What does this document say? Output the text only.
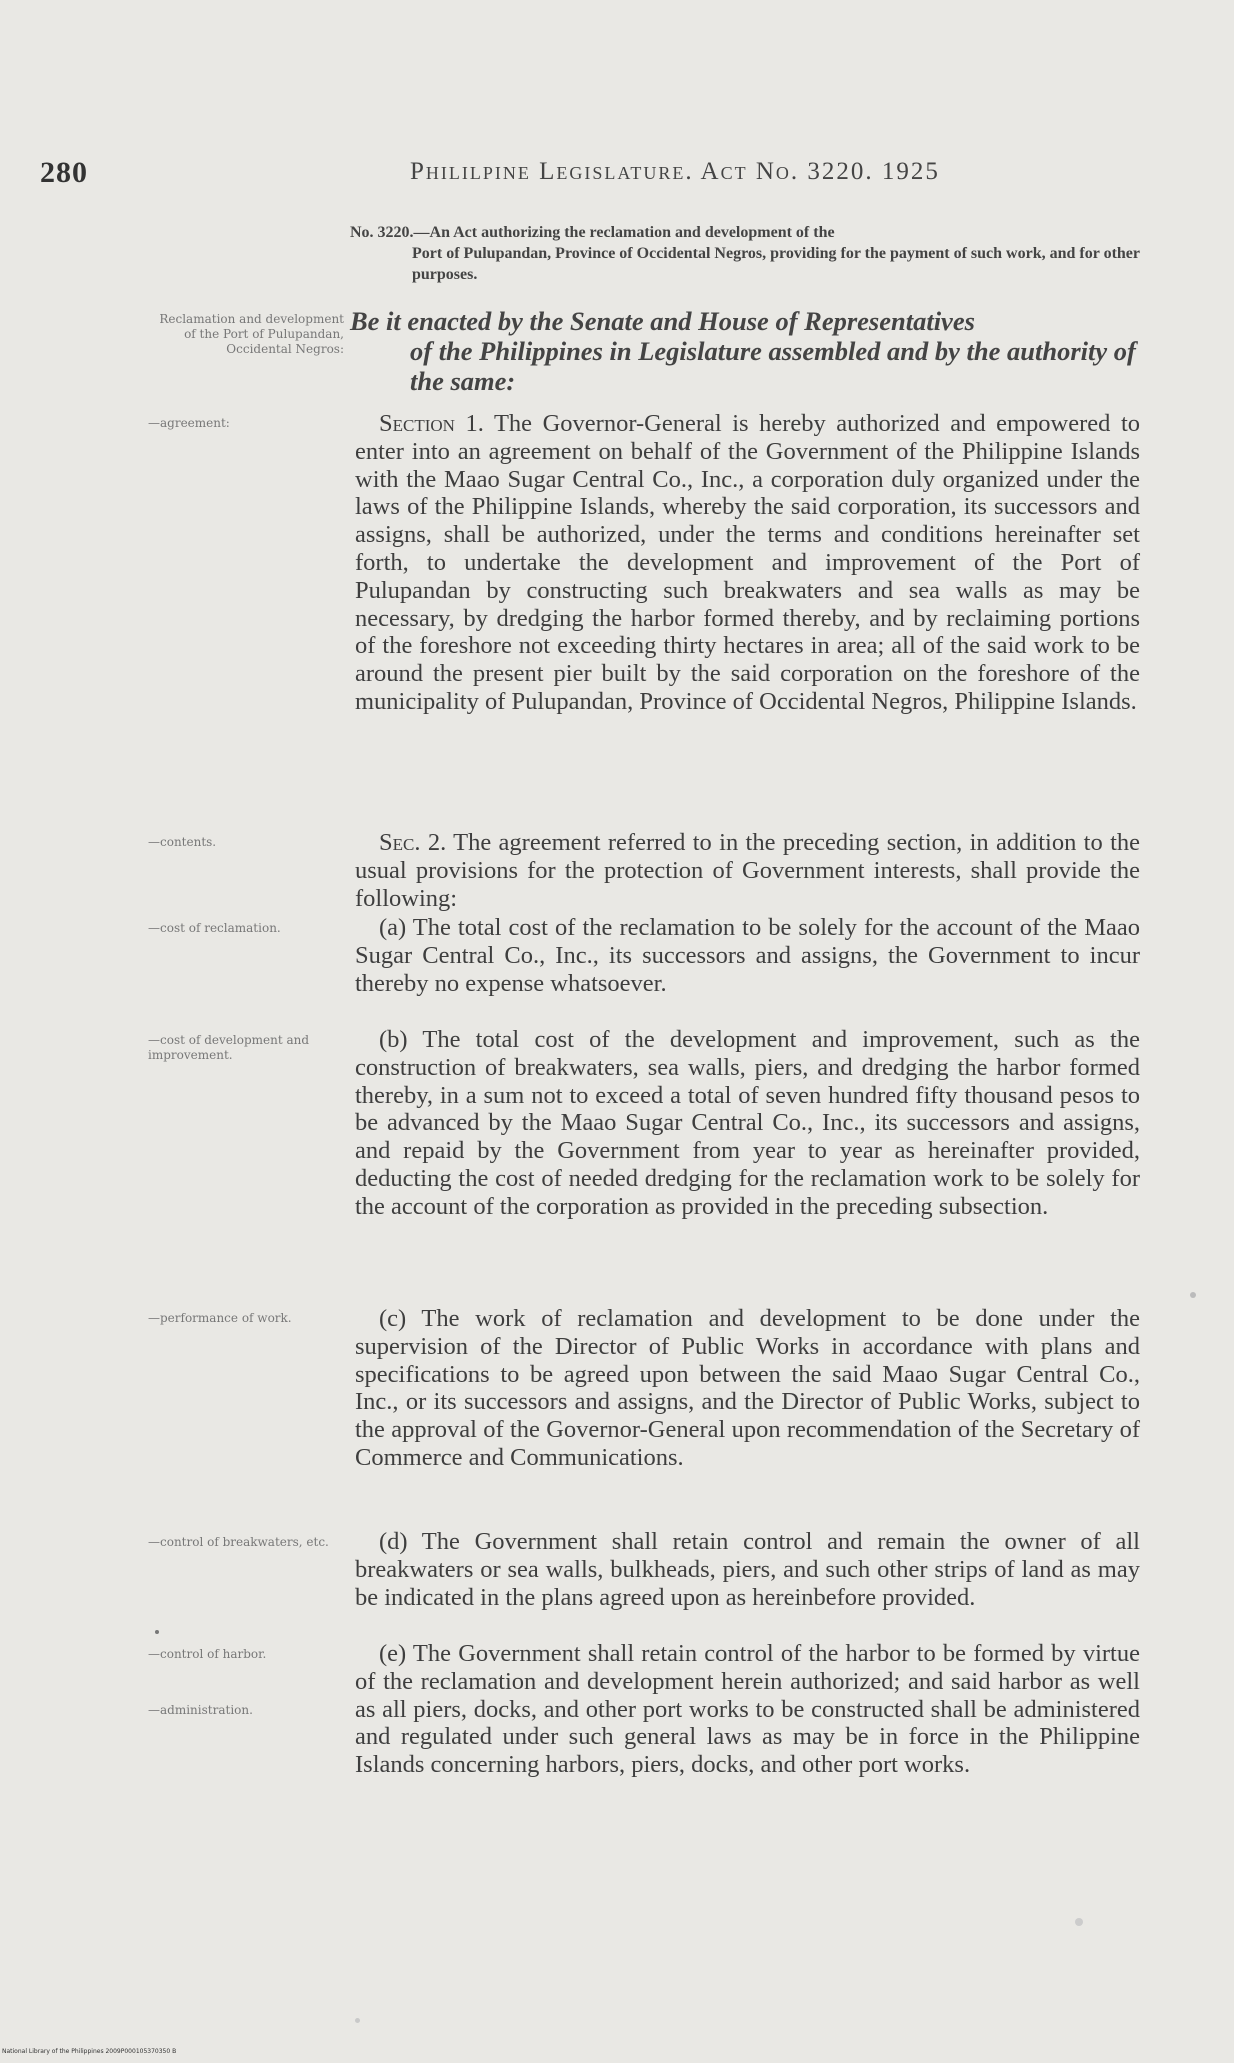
280	Phililpine Legislature. Act No. 3220. 1925
No. 3220.—An Act authorizing the reclamation and development of the
Port of Pulupandan, Province of Occidental Negros, providing for the payment of such work, and for other purposes.
Reclamation and development of the Port of Pulupandan, Occidental Negros:
Be it enacted by the Senate and House of Representatives
of the Philippines in Legislature assembled and by the authority of the same:
—agreement:	Section 1. The Governor-General is hereby authorized and empowered to enter into an agreement on behalf of the Government of the Philippine Islands with the Maao Sugar Central Co., Inc., a corporation duly organized under the laws of the Philippine Islands, whereby the said corporation, its successors and assigns, shall be authorized, under the terms and conditions hereinafter set forth, to undertake the development and improvement of the Port of Pulupandan by constructing such breakwaters and sea walls as may be necessary, by dredging the harbor formed thereby, and by reclaiming portions of the foreshore not exceeding thirty hectares in area; all of the said work to be around the present pier built by the said corporation on the foreshore of the municipality of Pulupandan, Province of Occidental Negros, Philippine Islands.
—contents.	Sec. 2. The agreement referred to in the preceding section, in addition to the usual provisions for the protection of Government interests, shall provide the following:
—cost of reclamation.	(a) The total cost of the reclamation to be solely for the account of the Maao Sugar Central Co., Inc., its successors and assigns, the Government to incur thereby no expense whatsoever.
—cost of development and improvement.
(b) The total cost of the development and improvement, such as the construction of breakwaters, sea walls, piers, and dredging the harbor formed thereby, in a sum not to exceed a total of seven hundred fifty thousand pesos to be advanced by the Maao Sugar Central Co., Inc., its successors and assigns, and repaid by the Government from year to year as hereinafter provided, deducting the cost of needed dredging for the reclamation work to be solely for the account of the corporation as provided in the preceding subsection.
—performance of work.	(c) The work of reclamation and development to be done under the supervision of the Director of Public Works in accordance with plans and specifications to be agreed upon between the said Maao Sugar Central Co., Inc., or its successors and assigns, and the Director of Public Works, subject to the approval of the Governor-General upon recommendation of the Secretary of Commerce and Communications.
—control of breakwaters, etc.	(d) The Government shall retain control and remain the owner of all breakwaters or sea walls, bulkheads, piers, and such other strips of land as may be indicated in the plans agreed upon as hereinbefore provided.
—control of harbor.
—administration.
(e) The Government shall retain control of the harbor to be formed by virtue of the reclamation and development herein authorized; and said harbor as well as all piers, docks, and other port works to be constructed shall be administered and regulated under such general laws as may be in force in the Philippine Islands concerning harbors, piers, docks, and other port works.
National Library of the Philippines 2009P000105370350 B
